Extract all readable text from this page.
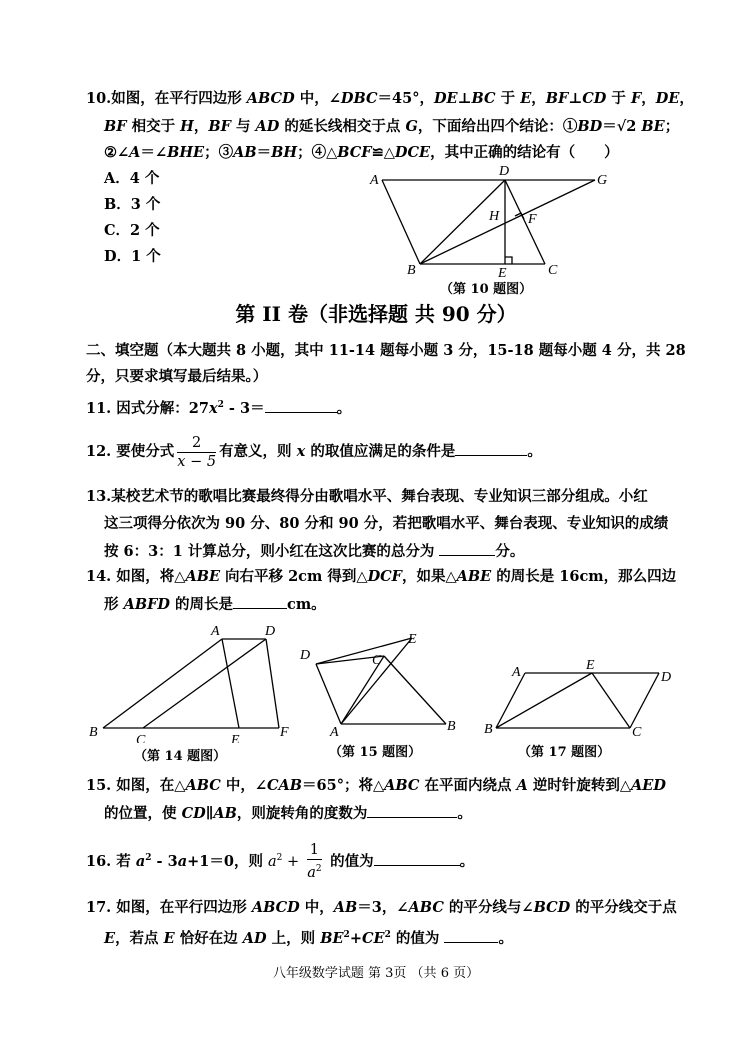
10.如图，在平行四边形 ABCD 中，∠DBC＝45°，DE⊥BC 于 E，BF⊥CD 于 F，DE，
BF 相交于 H，BF 与 AD 的延长线相交于点 G，下面给出四个结论：①BD＝√2 BE；
②∠A＝∠BHE；③AB＝BH；④△BCF≌△DCE，其中正确的结论有（　　）
A．4 个
B．3 个
C．2 个
D．1 个
A
D
G
H F
B	E	C
（第 10 题图）
第 II 卷（非选择题 共 90 分）
二、填空题（本大题共 8 小题，其中 11-14 题每小题 3 分，15-18 题每小题 4 分，共 28
分，只要求填写最后结果。）
11. 因式分解：$27x^2 - 3=$	。
12. 要使分式 $\frac{2}{x - 5}$ 有意义，则 x 的取值应满足的条件是	。
13.某校艺术节的歌唱比赛最终得分由歌唱水平、舞台表现、专业知识三部分组成。小红
这三项得分依次为 90 分、80 分和 90 分，若把歌唱水平、舞台表现、专业知识的成绩
按 6：3：1 计算总分，则小红在这次比赛的总分为	分。
14. 如图，将△ABE 向右平移 2cm 得到△DCF，如果△ABE 的周长是 16cm，那么四边
形 ABFD 的周长是	cm。
A	D
B
C	E
F
（第 14 题图）
D	C
E
A	B
（第 15 题图）
A	E
D
B	C
（第 17 题图）
15. 如图，在△ABC 中，∠CAB＝65°；将△ABC 在平面内绕点 A 逆时针旋转到△AED
的位置，使 CD∥AB，则旋转角的度数为	。
16. 若 $a^2 - 3a+1=0$，则 $a^2 + \frac{1}{a^2}$ 的值为	。
17. 如图，在平行四边形 ABCD 中，AB＝3，∠ABC 的平分线与∠BCD 的平分线交于点
E，若点 E 恰好在边 AD 上，则 $BE^2+CE^2$ 的值为	。
八年级数学试题 第 3页 （共 6 页）
